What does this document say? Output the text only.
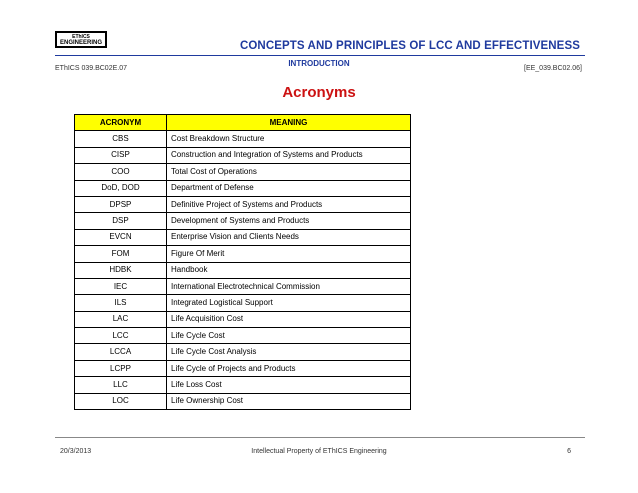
EThICS
ENGINEERING	CONCEPTS AND PRINCIPLES OF LCC AND EFFECTIVENESS
EThICS 039.BC02E.07
INTRODUCTION
[EE_039.BC02.06]
Acronyms
ACRONYM	MEANING
CBS	Cost Breakdown Structure
CISP	Construction and Integration of Systems and Products
COO	Total Cost of Operations
DoD, DOD	Department of Defense
DPSP	Definitive Project of Systems and Products
DSP	Development of Systems and Products
EVCN	Enterprise Vision and Clients Needs
FOM	Figure Of Merit
HDBK	Handbook
IEC	International Electrotechnical Commission
ILS	Integrated Logistical Support
LAC	Life Acquisition Cost
LCC	Life Cycle Cost
LCCA	Life Cycle Cost Analysis
LCPP	Life Cycle of Projects and Products
LLC	Life Loss Cost
LOC	Life Ownership Cost
20/3/2013	Intellectual Property of EThICS Engineering	6
